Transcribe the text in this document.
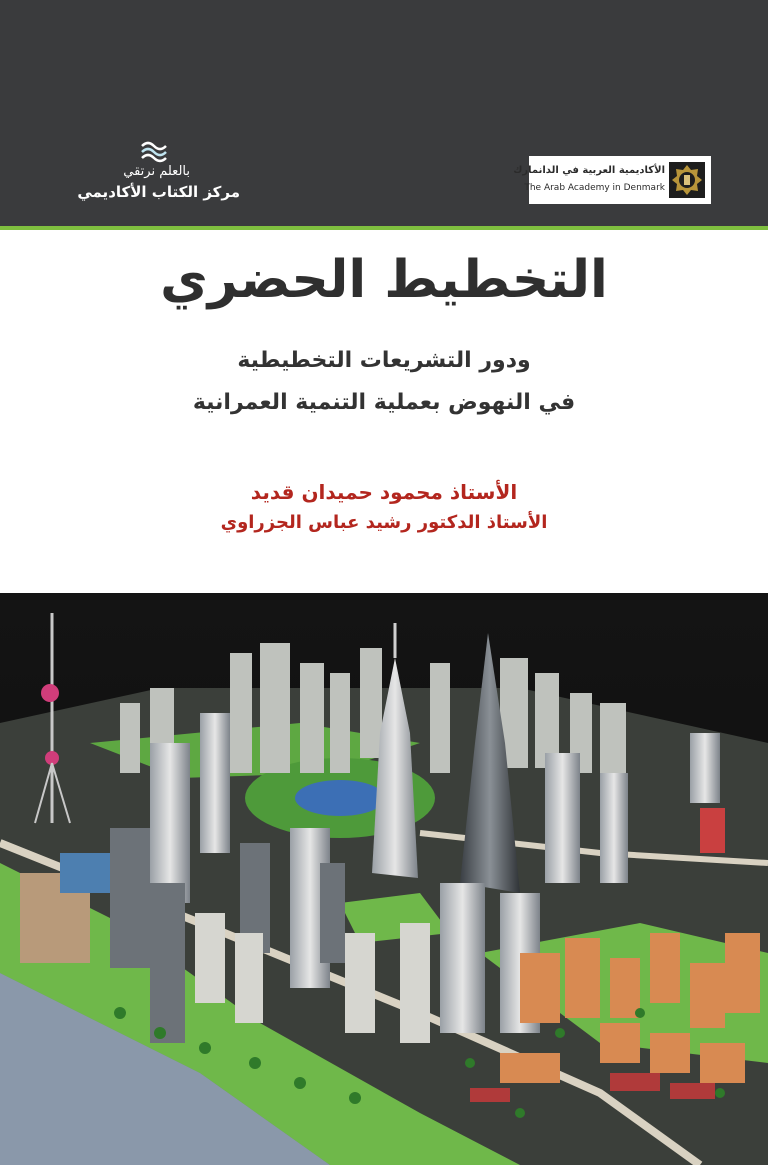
بالعلم نرتقي
مركز الكتاب الأكاديمي
الأكاديمية العربية في الدانمارك
The Arab Academy in Denmark
التخطيط الحضري
ودور التشريعات التخطيطية
في النهوض بعملية التنمية العمرانية
الأستاذ محمود حميدان قديد
الأستاذ الدكتور رشيد عباس الجزراوي
